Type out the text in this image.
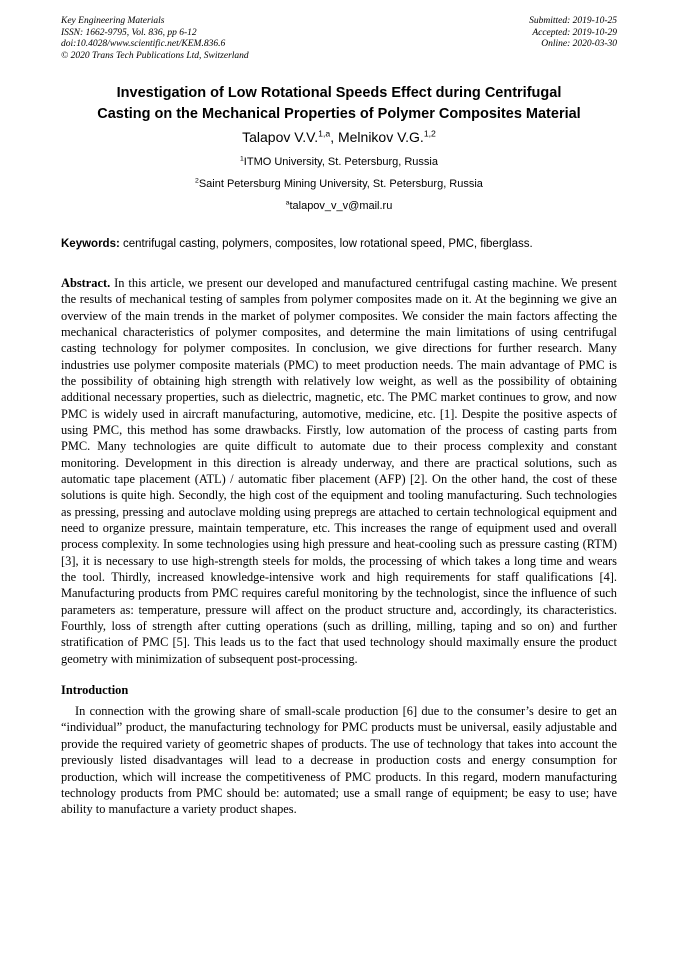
Key Engineering Materials
ISSN: 1662-9795, Vol. 836, pp 6-12
doi:10.4028/www.scientific.net/KEM.836.6
© 2020 Trans Tech Publications Ltd, Switzerland
Submitted: 2019-10-25
Accepted: 2019-10-29
Online: 2020-03-30
Investigation of Low Rotational Speeds Effect during Centrifugal
Casting on the Mechanical Properties of Polymer Composites Material
Talapov V.V.$^{1,a}$, Melnikov V.G.$^{1,2}$
$^1$ITMO University, St. Petersburg, Russia
$^2$Saint Petersburg Mining University, St. Petersburg, Russia
$^a$talapov_v_v@mail.ru

Keywords: centrifugal casting, polymers, composites, low rotational speed, PMC, fiberglass.

Abstract. In this article, we present our developed and manufactured centrifugal casting machine. We present the results of mechanical testing of samples from polymer composites made on it. At the beginning we give an overview of the main trends in the market of polymer composites. We consider the main factors affecting the mechanical characteristics of polymer composites, and determine the main limitations of using centrifugal casting technology for polymer composites. In conclusion, we give directions for further research. Many industries use polymer composite materials (PMC) to meet production needs. The main advantage of PMC is the possibility of obtaining high strength with relatively low weight, as well as the possibility of obtaining additional necessary properties, such as dielectric, magnetic, etc. The PMC market continues to grow, and now PMC is widely used in aircraft manufacturing, automotive, medicine, etc. [1]. Despite the positive aspects of using PMC, this method has some drawbacks. Firstly, low automation of the process of casting parts from PMC. Many technologies are quite difficult to automate due to their process complexity and constant monitoring. Development in this direction is already underway, and there are practical solutions, such as automatic tape placement (ATL) / automatic fiber placement (AFP) [2]. On the other hand, the cost of these solutions is quite high. Secondly, the high cost of the equipment and tooling manufacturing. Such technologies as pressing, pressing and autoclave molding using prepregs are attached to certain technological equipment and need to organize pressure, maintain temperature, etc. This increases the range of equipment used and overall process complexity. In some technologies using high pressure and heat-cooling such as pressure casting (RTM) [3], it is necessary to use high-strength steels for molds, the processing of which takes a long time and wears the tool. Thirdly, increased knowledge-intensive work and high requirements for staff qualifications [4]. Manufacturing products from PMC requires careful monitoring by the technologist, since the influence of such parameters as: temperature, pressure will affect on the product structure and, accordingly, its characteristics. Fourthly, loss of strength after cutting operations (such as drilling, milling, taping and so on) and further stratification of PMC [5]. This leads us to the fact that used technology should maximally ensure the product geometry with minimization of subsequent post-processing.

Introduction

In connection with the growing share of small-scale production [6] due to the consumer’s desire to get an “individual” product, the manufacturing technology for PMC products must be universal, easily adjustable and provide the required variety of geometric shapes of products. The use of technology that takes into account the previously listed disadvantages will lead to a decrease in production costs and energy consumption for production, which will increase the competitiveness of PMC products. In this regard, modern manufacturing technology products from PMC should be: automated; use a small range of equipment; be easy to use; have ability to manufacture a variety product shapes.
